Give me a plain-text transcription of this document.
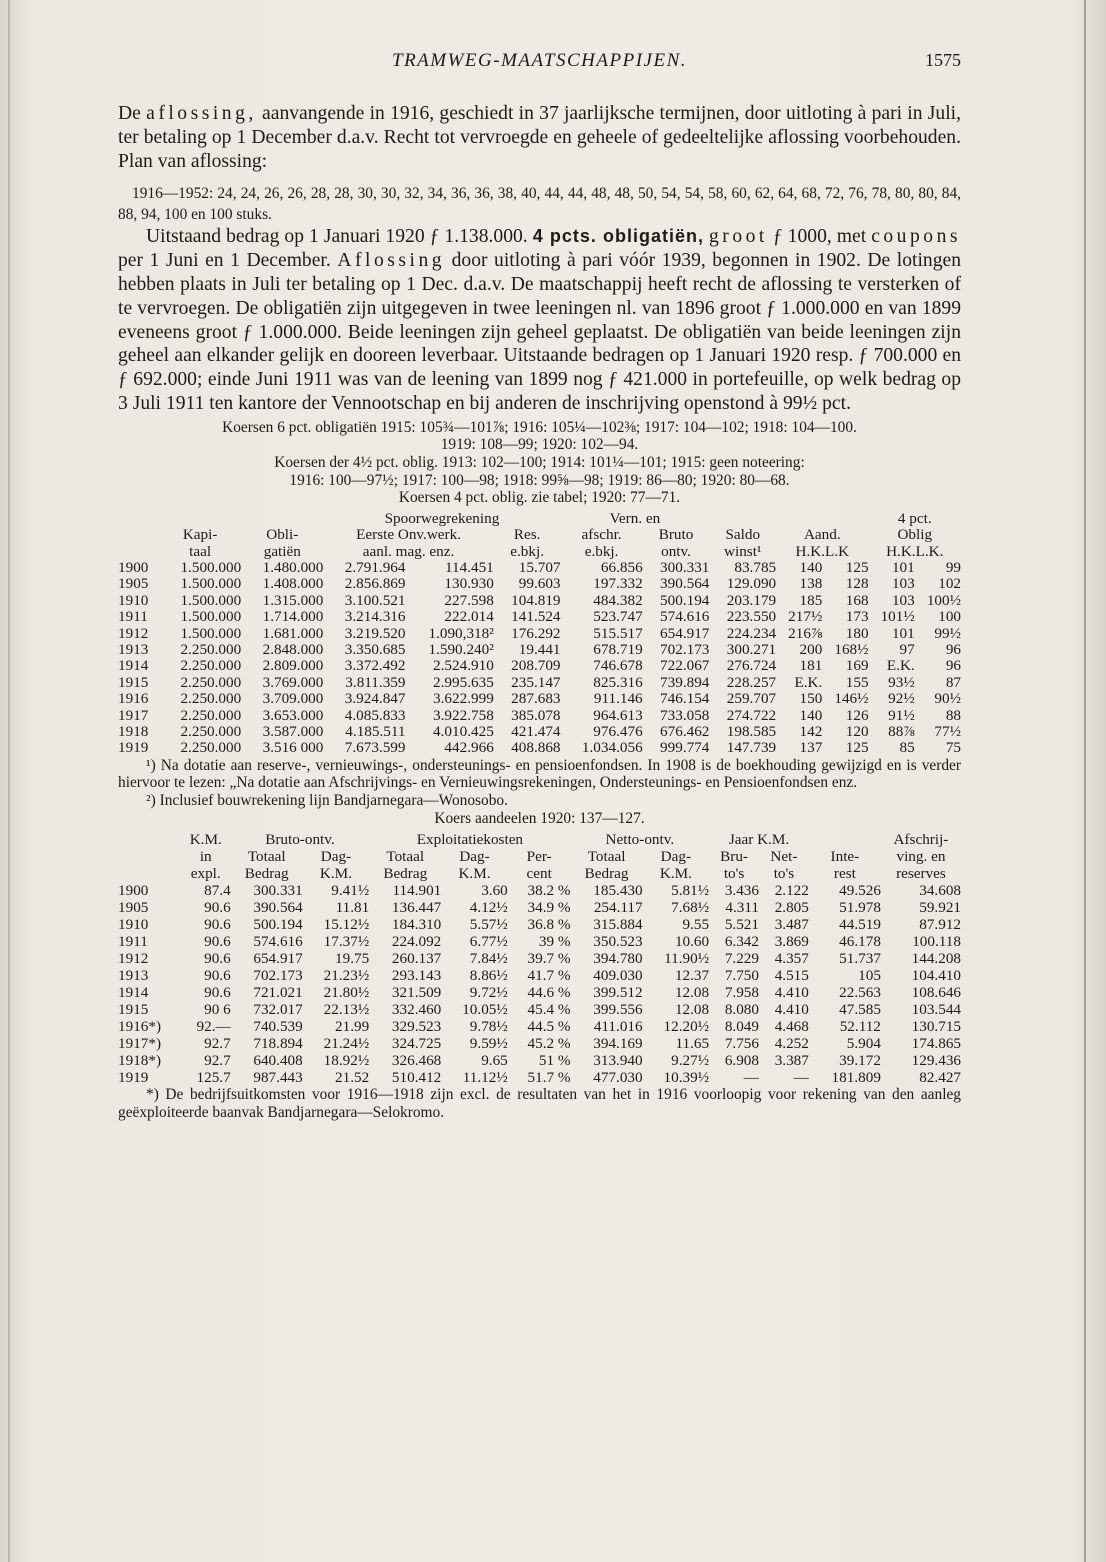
TRAMWEG-MAATSCHAPPIJEN.	1575

De aflossing, aanvangende in 1916, geschiedt in 37 jaarlijksche termijnen, door uitloting à pari in Juli, ter betaling op 1 December d.a.v. Recht tot vervroegde en geheele of gedeeltelijke aflossing voorbehouden. Plan van aflossing:

1916—1952: 24, 24, 26, 26, 28, 28, 30, 30, 32, 34, 36, 36, 38, 40, 44, 44, 48, 48, 50, 54, 54, 58, 60, 62, 64, 68, 72, 76, 78, 80, 80, 84, 88, 94, 100 en 100 stuks.

Uitstaand bedrag op 1 Januari 1920 ƒ 1.138.000. 4 pcts. obligatiën, groot ƒ 1000, met coupons per 1 Juni en 1 December. Aflossing door uitloting à pari vóór 1939, begonnen in 1902. De lotingen hebben plaats in Juli ter betaling op 1 Dec. d.a.v. De maatschappij heeft recht de aflossing te versterken of te vervroegen. De obligatiën zijn uitgegeven in twee leeningen nl. van 1896 groot ƒ 1.000.000 en van 1899 eveneens groot ƒ 1.000.000. Beide leeningen zijn geheel geplaatst. De obligatiën van beide leeningen zijn geheel aan elkander gelijk en dooreen leverbaar. Uitstaande bedragen op 1 Januari 1920 resp. ƒ 700.000 en ƒ 692.000; einde Juni 1911 was van de leening van 1899 nog ƒ 421.000 in portefeuille, op welk bedrag op 3 Juli 1911 ten kantore der Vennootschap en bij anderen de inschrijving openstond à 99½ pct.

Koersen 6 pct. obligatiën 1915: 105¾—101⅞; 1916: 105¼—102⅜; 1917: 104—102; 1918: 104—100.

1919: 108—99; 1920: 102—94.

Koersen der 4½ pct. oblig. 1913: 102—100; 1914: 101¼—101; 1915: geen noteering:

1916: 100—97½; 1917: 100—98; 1918: 99⅝—98; 1919: 86—80; 1920: 80—68.

Koersen 4 pct. oblig. zie tabel; 1920: 77—71.

			Spoorwegrekening			Vern. en					4 pct.	
	Kapi-	Obli-	Eerste Onv.werk.		Res.	afschr.	Bruto	Saldo	Aand.		Oblig	
	taal	gatiën	aanl. mag. enz.		e.bkj.	e.bkj.	ontv.	winst¹	H.K.L.K		H.K.L.K.	
1900	1.500.000	1.480.000	2.791.964	114.451	15.707	66.856	300.331	83.785	140	125	101	99
1905	1.500.000	1.408.000	2.856.869	130.930	99.603	197.332	390.564	129.090	138	128	103	102
1910	1.500.000	1.315.000	3.100.521	227.598	104.819	484.382	500.194	203.179	185	168	103	100½
1911	1.500.000	1.714.000	3.214.316	222.014	141.524	523.747	574.616	223.550	217½	173	101½	100
1912	1.500.000	1.681.000	3.219.520	1.090,318²	176.292	515.517	654.917	224.234	216⅞	180	101	99½
1913	2.250.000	2.848.000	3.350.685	1.590.240²	19.441	678.719	702.173	300.271	200	168½	97	96
1914	2.250.000	2.809.000	3.372.492	2.524.910	208.709	746.678	722.067	276.724	181	169	E.K.	96
1915	2.250.000	3.769.000	3.811.359	2.995.635	235.147	825.316	739.894	228.257	E.K.	155	93½	87
1916	2.250.000	3.709.000	3.924.847	3.622.999	287.683	911.146	746.154	259.707	150	146½	92½	90½
1917	2.250.000	3.653.000	4.085.833	3.922.758	385.078	964.613	733.058	274.722	140	126	91½	88
1918	2.250.000	3.587.000	4.185.511	4.010.425	421.474	976.476	676.462	198.585	142	120	88⅞	77½
1919	2.250.000	3.516 000	7.673.599	442.966	408.868	1.034.056	999.774	147.739	137	125	85	75

¹) Na dotatie aan reserve-, vernieuwings-, ondersteunings- en pensioenfondsen. In 1908 is de boekhouding gewijzigd en is verder hiervoor te lezen: „Na dotatie aan Afschrijvings- en Vernieuwingsrekeningen, Ondersteunings- en Pensioenfondsen enz.

²) Inclusief bouwrekening lijn Bandjarnegara—Wonosobo.

Koers aandeelen 1920: 137—127.

	K.M.	Bruto-ontv.		Exploitatiekosten			Netto-ontv.		Jaar K.M.			Afschrij-
	in	Totaal	Dag-	Totaal	Dag-	Per-	Totaal	Dag-	Bru-	Net-	Inte-	ving. en
	expl.	Bedrag	K.M.	Bedrag	K.M.	cent	Bedrag	K.M.	to's	to's	rest	reserves
1900	87.4	300.331	9.41½	114.901	3.60	38.2 %	185.430	5.81½	3.436	2.122	49.526	34.608
1905	90.6	390.564	11.81	136.447	4.12½	34.9 %	254.117	7.68½	4.311	2.805	51.978	59.921
1910	90.6	500.194	15.12½	184.310	5.57½	36.8 %	315.884	9.55	5.521	3.487	44.519	87.912
1911	90.6	574.616	17.37½	224.092	6.77½	39 %	350.523	10.60	6.342	3.869	46.178	100.118
1912	90.6	654.917	19.75	260.137	7.84½	39.7 %	394.780	11.90½	7.229	4.357	51.737	144.208
1913	90.6	702.173	21.23½	293.143	8.86½	41.7 %	409.030	12.37	7.750	4.515	105	104.410
1914	90.6	721.021	21.80½	321.509	9.72½	44.6 %	399.512	12.08	7.958	4.410	22.563	108.646
1915	90 6	732.017	22.13½	332.460	10.05½	45.4 %	399.556	12.08	8.080	4.410	47.585	103.544
1916*)	92.—	740.539	21.99	329.523	9.78½	44.5 %	411.016	12.20½	8.049	4.468	52.112	130.715
1917*)	92.7	718.894	21.24½	324.725	9.59½	45.2 %	394.169	11.65	7.756	4.252	5.904	174.865
1918*)	92.7	640.408	18.92½	326.468	9.65	51 %	313.940	9.27½	6.908	3.387	39.172	129.436
1919	125.7	987.443	21.52	510.412	11.12½	51.7 %	477.030	10.39½	—	—	181.809	82.427

*) De bedrijfsuitkomsten voor 1916—1918 zijn excl. de resultaten van het in 1916 voorloopig voor rekening van den aanleg geëxploiteerde baanvak Bandjarnegara—Selokromo.
